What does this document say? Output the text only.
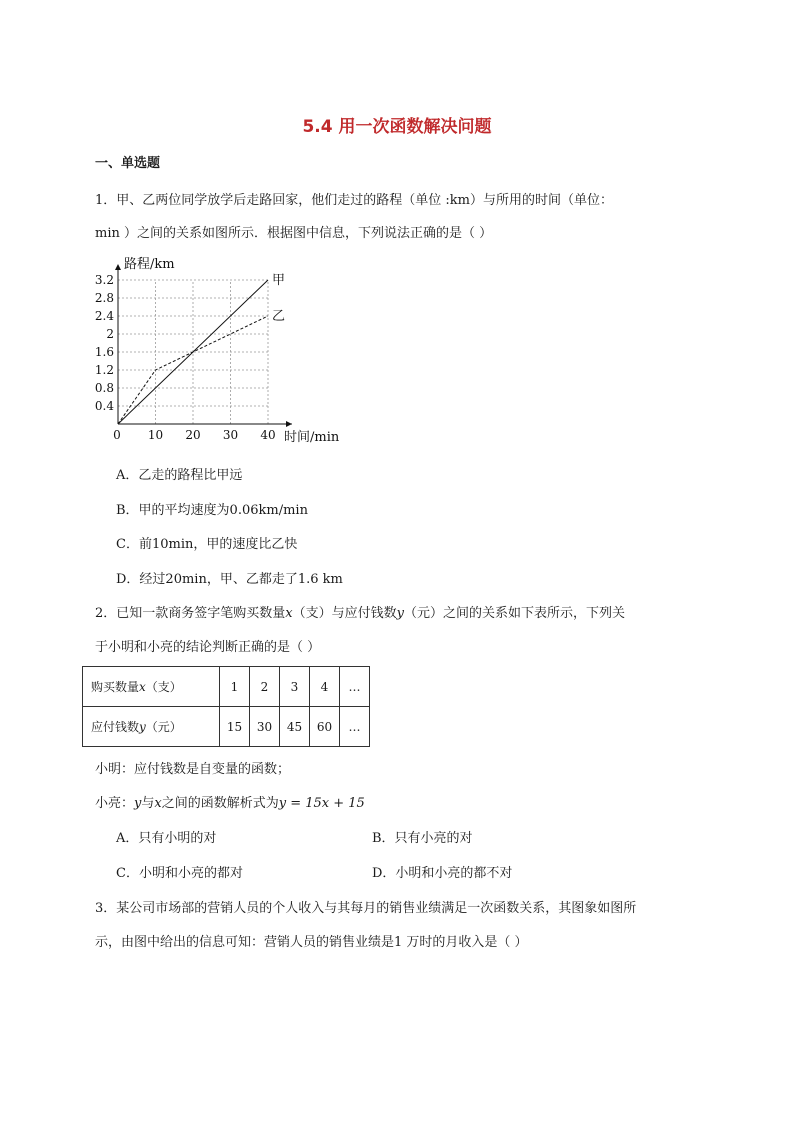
5.4 用一次函数解决问题
一、单选题
1．甲、乙两位同学放学后走路回家，他们走过的路程（单位 :km）与所用的时间（单位：
min ）之间的关系如图所示．根据图中信息，下列说法正确的是（ ）
0 10 20 30 40
0.4
0.8
1.2
1.6
2
2.4
2.8
3.2
路程/km
时间/min
甲
乙
A．乙走的路程比甲远
B．甲的平均速度为0.06km/min
C．前10min，甲的速度比乙快
D．经过20min，甲、乙都走了1.6 km
2．已知一款商务签字笔购买数量x（支）与应付钱数y（元）之间的关系如下表所示，下列关
于小明和小亮的结论判断正确的是（ ）
购买数量x（支）	1	2	3	4	…
应付钱数y（元）	15	30	45	60	…
小明：应付钱数是自变量的函数；
小亮：y与x之间的函数解析式为y = 15x + 15
A．只有小明的对	B．只有小亮的对
C．小明和小亮的都对	D．小明和小亮的都不对
3．某公司市场部的营销人员的个人收入与其每月的销售业绩满足一次函数关系，其图象如图所
示，由图中给出的信息可知：营销人员的销售业绩是1 万时的月收入是（ ）
